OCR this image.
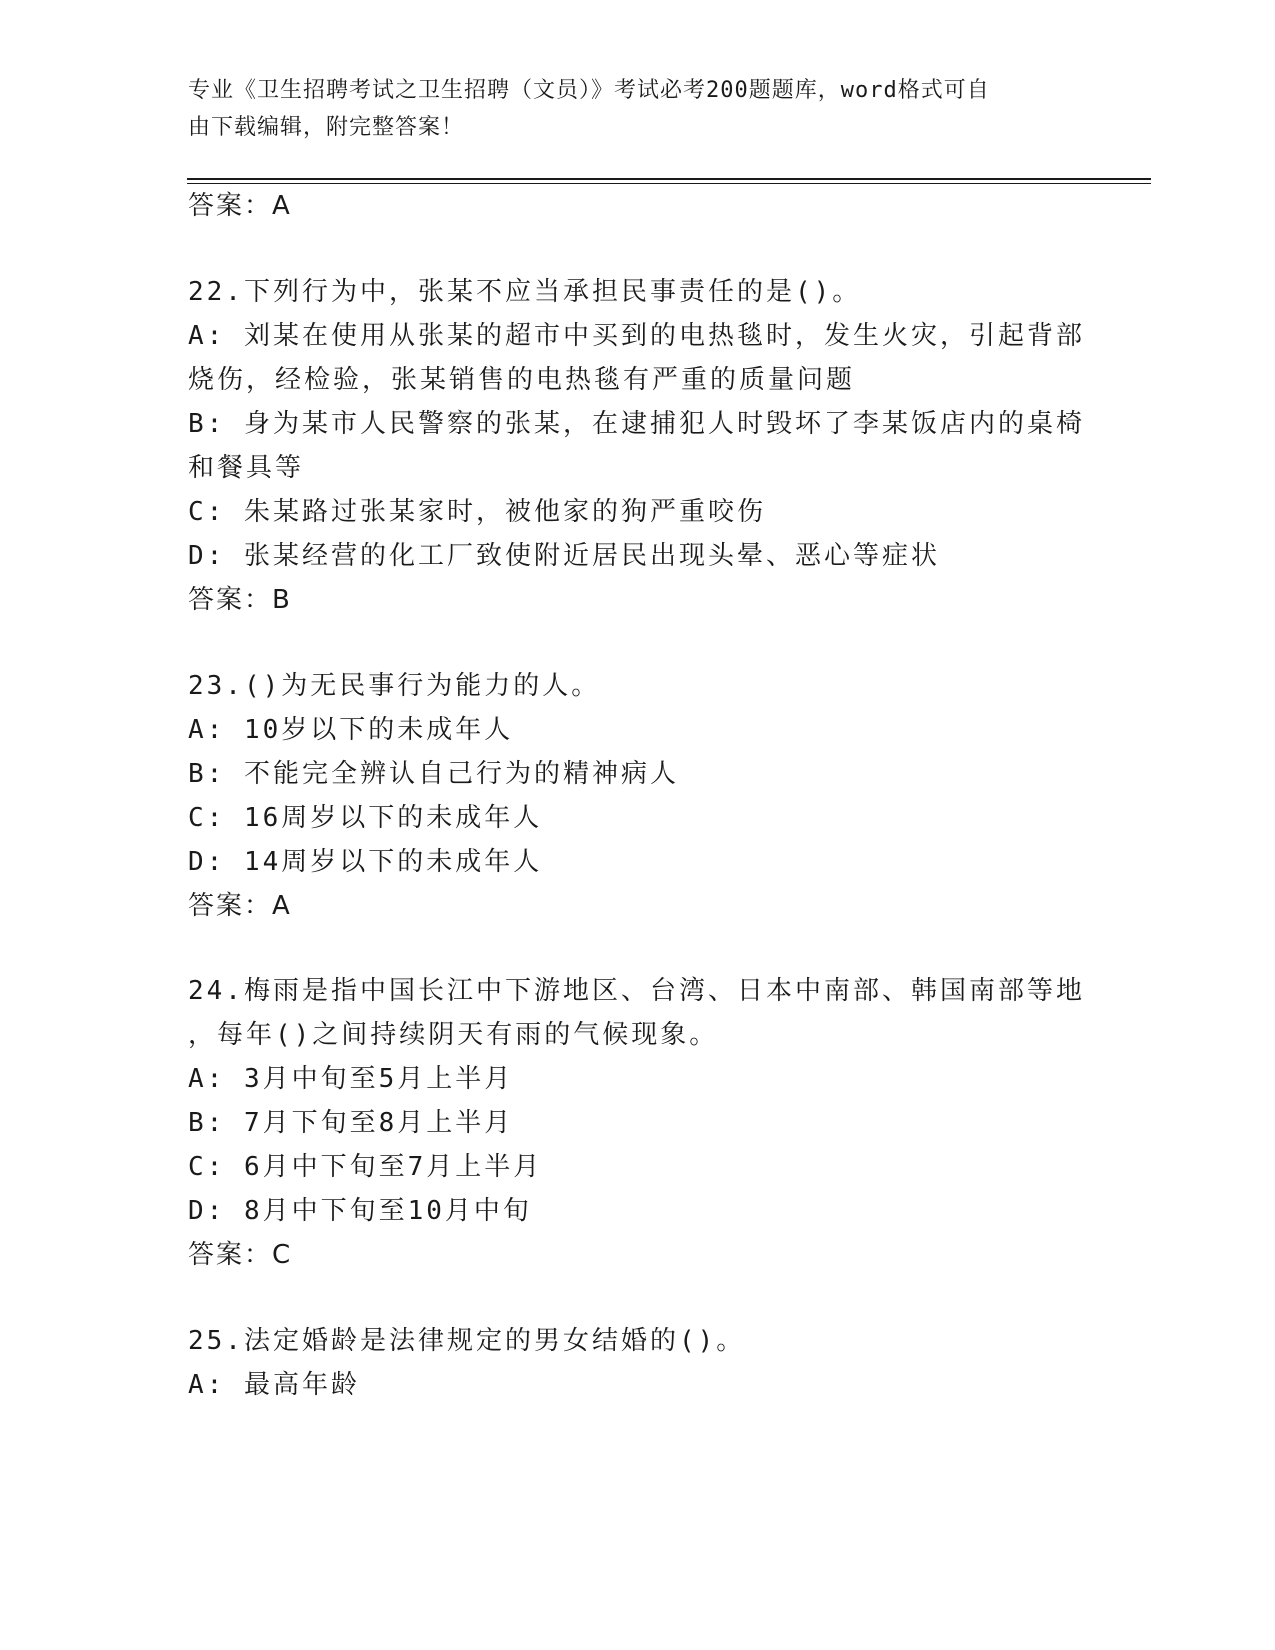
专业《卫生招聘考试之卫生招聘（文员）》考试必考200题题库，word格式可自
由下载编辑，附完整答案！
答案：A
22.下列行为中，张某不应当承担民事责任的是()。
A: 刘某在使用从张某的超市中买到的电热毯时，发生火灾，引起背部
烧伤，经检验，张某销售的电热毯有严重的质量问题
B: 身为某市人民警察的张某，在逮捕犯人时毁坏了李某饭店内的桌椅
和餐具等
C: 朱某路过张某家时，被他家的狗严重咬伤
D: 张某经营的化工厂致使附近居民出现头晕、恶心等症状
答案：B
23.()为无民事行为能力的人。
A: 10岁以下的未成年人
B: 不能完全辨认自己行为的精神病人
C: 16周岁以下的未成年人
D: 14周岁以下的未成年人
答案：A
24.梅雨是指中国长江中下游地区、台湾、日本中南部、韩国南部等地
，每年()之间持续阴天有雨的气候现象。
A: 3月中旬至5月上半月
B: 7月下旬至8月上半月
C: 6月中下旬至7月上半月
D: 8月中下旬至10月中旬
答案：C
25.法定婚龄是法律规定的男女结婚的()。
A: 最高年龄
